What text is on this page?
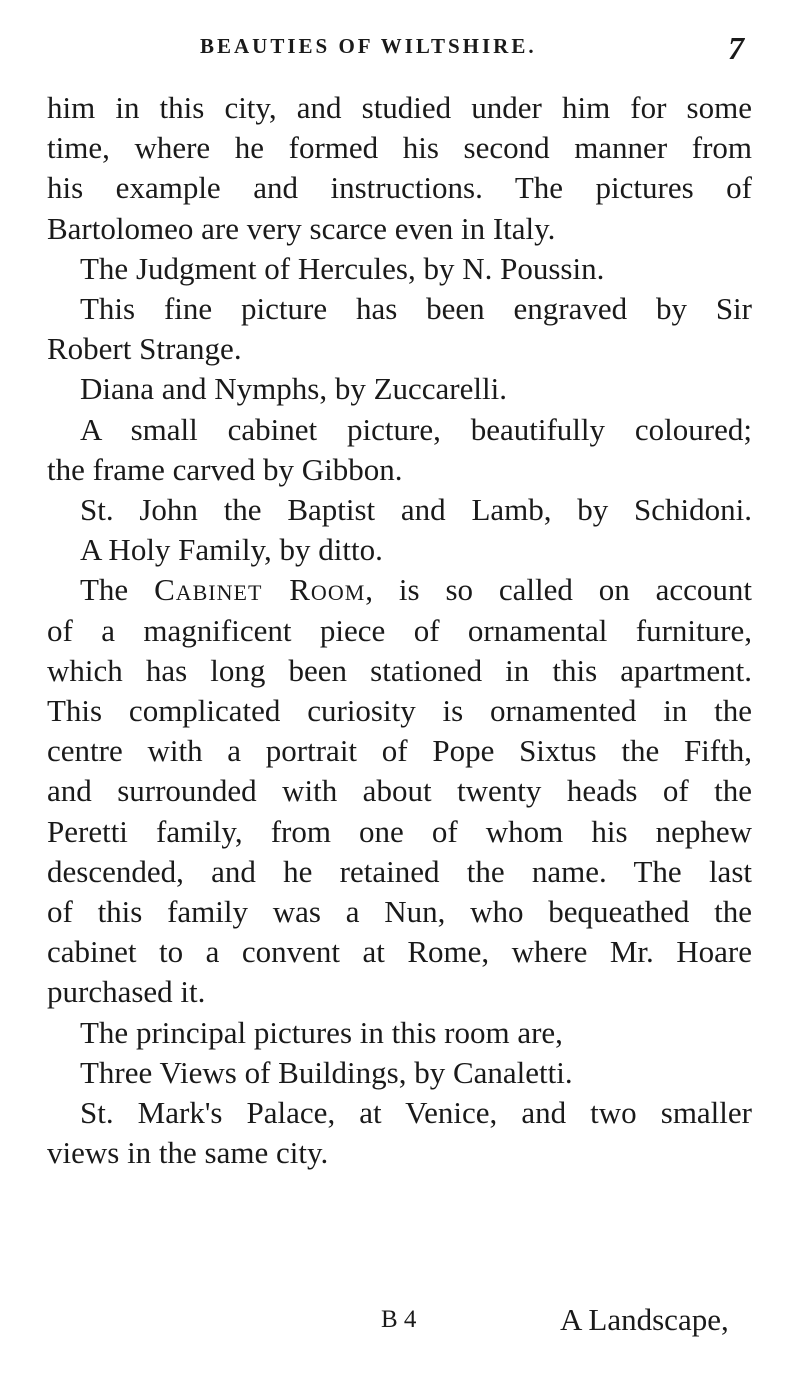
BEAUTIES OF WILTSHIRE.	7
him in this city, and studied under him for some
time, where he formed his second manner from
his example and instructions. The pictures of
Bartolomeo are very scarce even in Italy.
The Judgment of Hercules, by N. Poussin.
This fine picture has been engraved by Sir
Robert Strange.
Diana and Nymphs, by Zuccarelli.
A small cabinet picture, beautifully coloured;
the frame carved by Gibbon.
St. John the Baptist and Lamb, by Schidoni.
A Holy Family, by ditto.
The Cabinet Room, is so called on account
of a magnificent piece of ornamental furniture,
which has long been stationed in this apartment.
This complicated curiosity is ornamented in the
centre with a portrait of Pope Sixtus the Fifth,
and surrounded with about twenty heads of the
Peretti family, from one of whom his nephew
descended, and he retained the name. The last
of this family was a Nun, who bequeathed the
cabinet to a convent at Rome, where Mr. Hoare
purchased it.
The principal pictures in this room are,
Three Views of Buildings, by Canaletti.
St. Mark's Palace, at Venice, and two smaller
views in the same city.
B 4	A Landscape,
